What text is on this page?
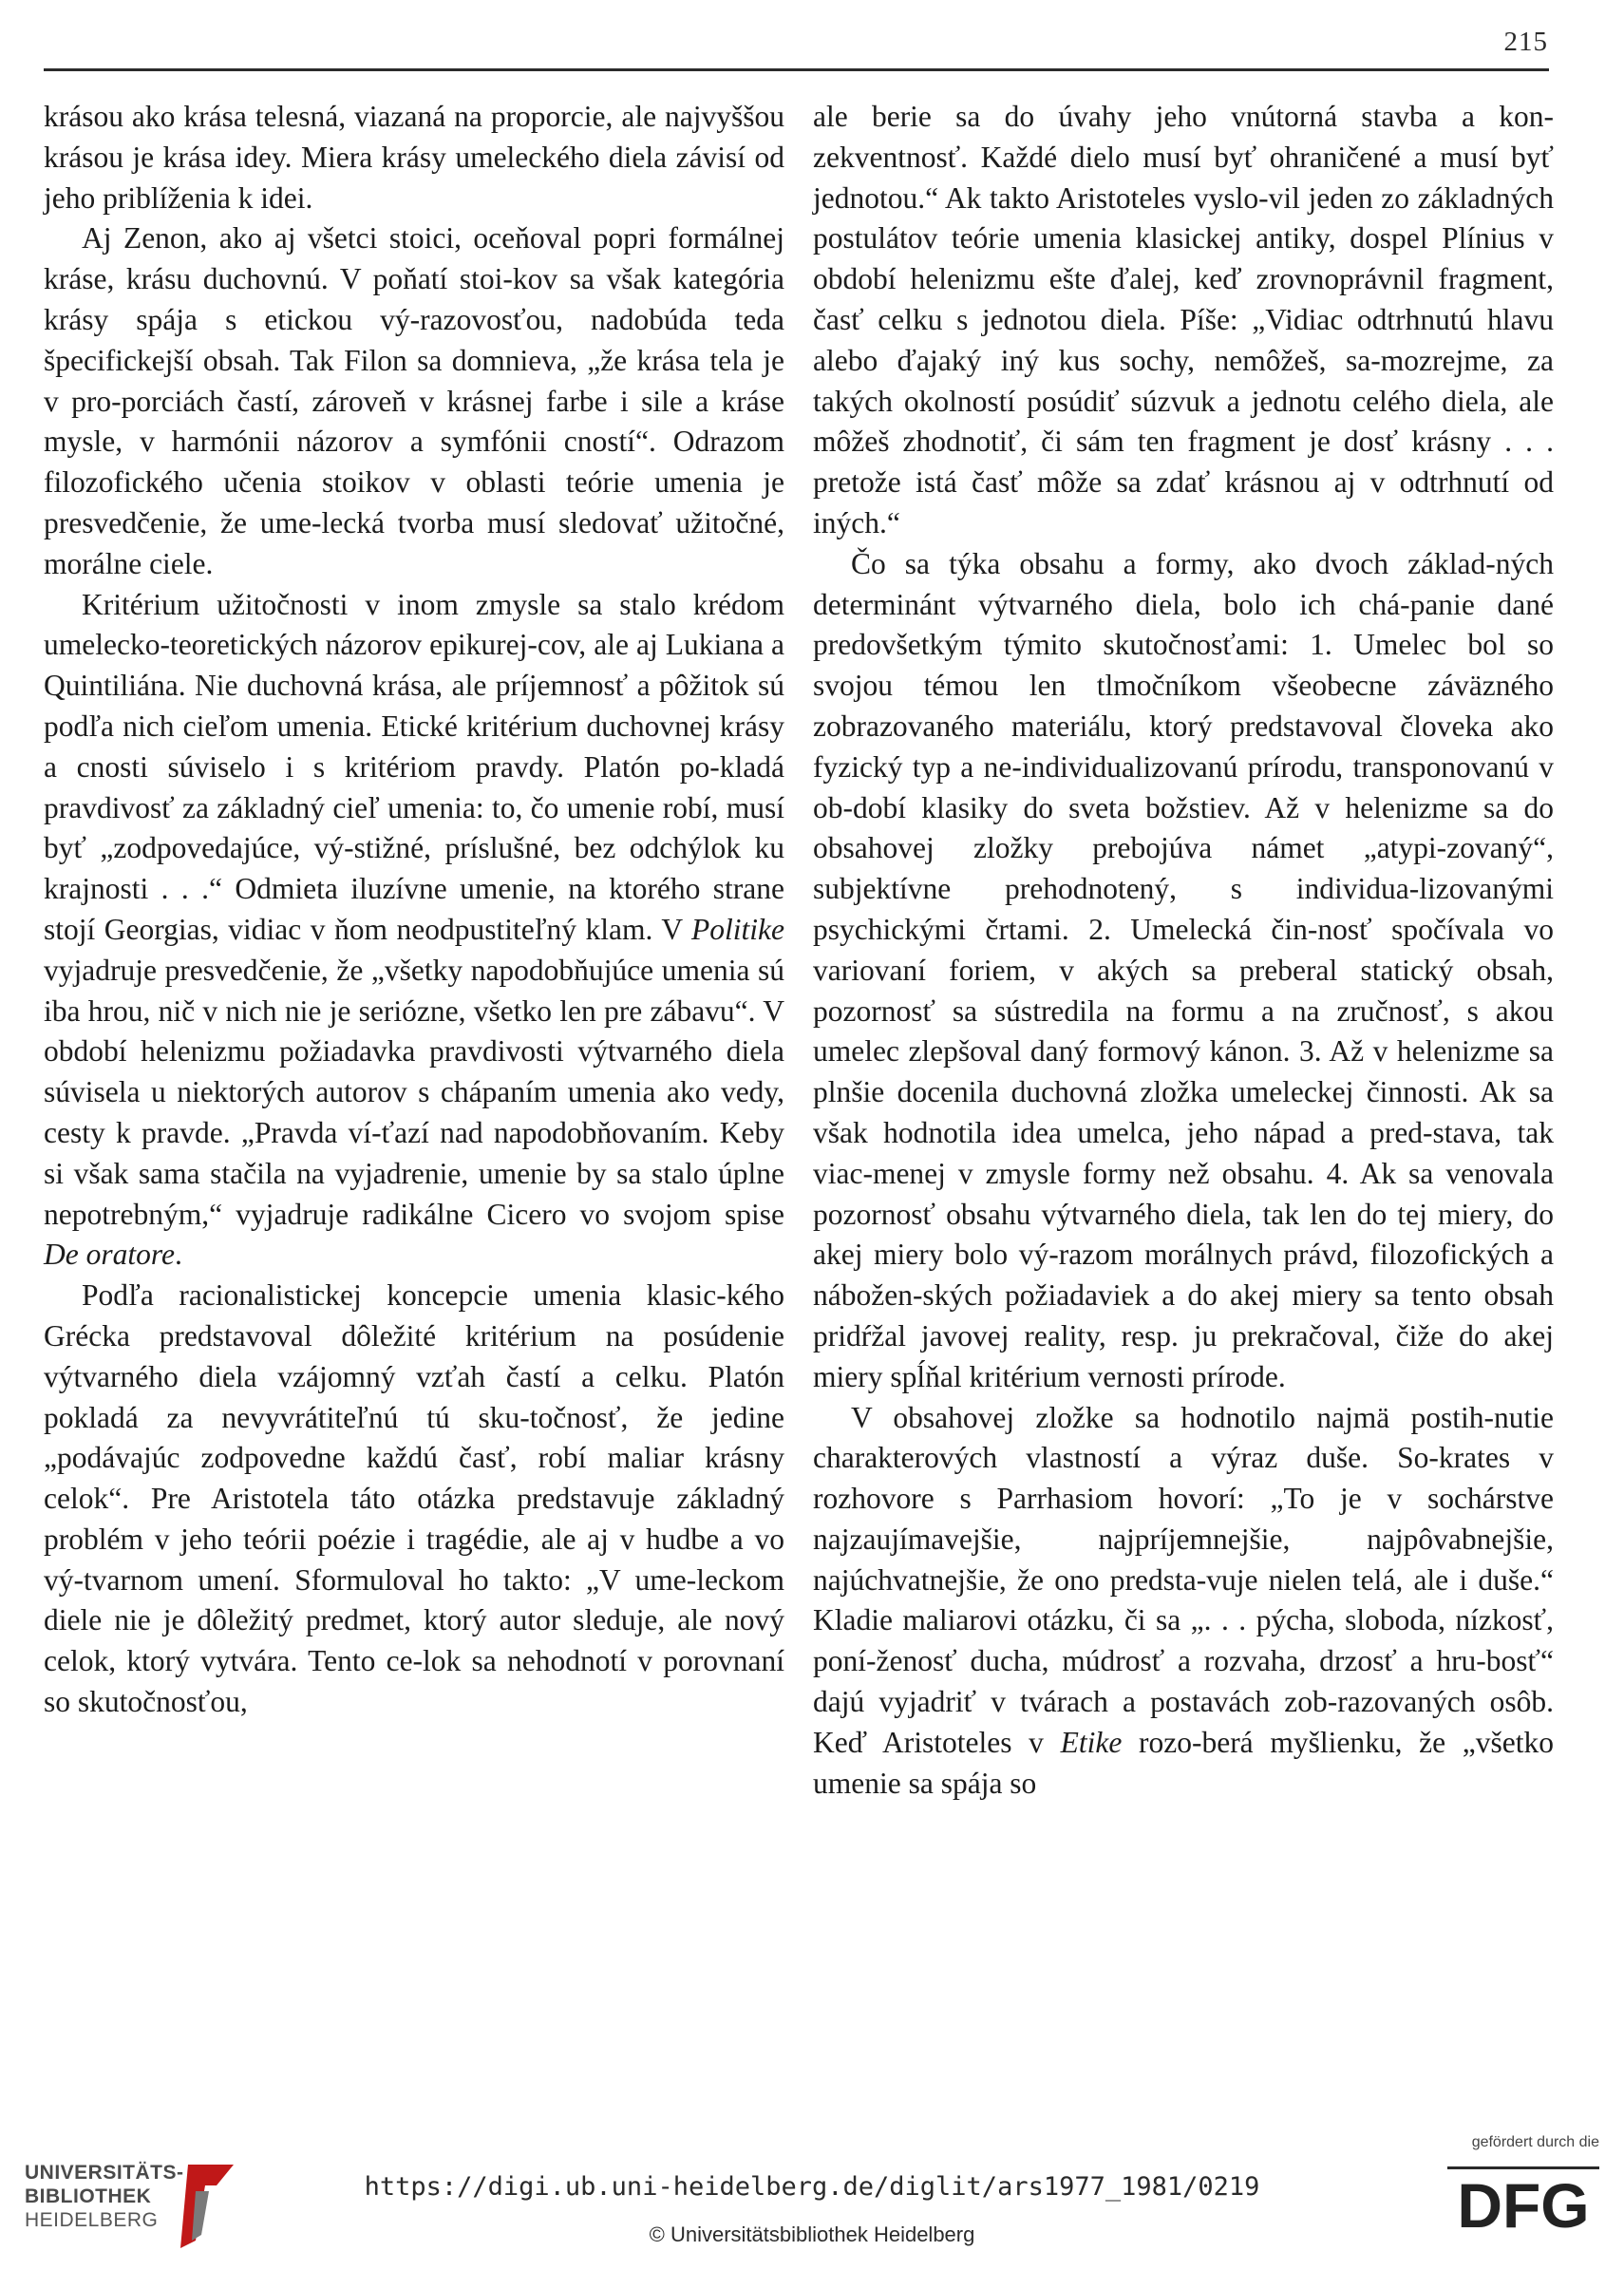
215

krásou ako krása telesná, viazaná na proporcie, ale najvyššou krásou je krása idey. Miera krásy umeleckého diela závisí od jeho priblíženia k idei.

Aj Zenon, ako aj všetci stoici, oceňoval popri formálnej kráse, krásu duchovnú. V poňatí stoi-kov sa však kategória krásy spája s etickou vý-razovosťou, nadobúda teda špecifickejší obsah. Tak Filon sa domnieva, „že krása tela je v pro-porciách častí, zároveň v krásnej farbe i sile a kráse mysle, v harmónii názorov a symfónii cností“. Odrazom filozofického učenia stoikov v oblasti teórie umenia je presvedčenie, že ume-lecká tvorba musí sledovať užitočné, morálne ciele.

Kritérium užitočnosti v inom zmysle sa stalo krédom umelecko-teoretických názorov epikurej-cov, ale aj Lukiana a Quintiliána. Nie duchovná krása, ale príjemnosť a pôžitok sú podľa nich cieľom umenia. Etické kritérium duchovnej krásy a cnosti súviselo i s kritériom pravdy. Platón po-kladá pravdivosť za základný cieľ umenia: to, čo umenie robí, musí byť „zodpovedajúce, vý-stižné, príslušné, bez odchýlok ku krajnosti . . .“ Odmieta iluzívne umenie, na ktorého strane stojí Georgias, vidiac v ňom neodpustiteľný klam. V Politike vyjadruje presvedčenie, že „všetky napodobňujúce umenia sú iba hrou, nič v nich nie je seriózne, všetko len pre zábavu“. V období helenizmu požiadavka pravdivosti výtvarného diela súvisela u niektorých autorov s chápaním umenia ako vedy, cesty k pravde. „Pravda ví-ťazí nad napodobňovaním. Keby si však sama stačila na vyjadrenie, umenie by sa stalo úplne nepotrebným,“ vyjadruje radikálne Cicero vo svojom spise De oratore.

Podľa racionalistickej koncepcie umenia klasic-kého Grécka predstavoval dôležité kritérium na posúdenie výtvarného diela vzájomný vzťah častí a celku. Platón pokladá za nevyvrátiteľnú tú sku-točnosť, že jedine „podávajúc zodpovedne každú časť, robí maliar krásny celok“. Pre Aristotela táto otázka predstavuje základný problém v jeho teórii poézie i tragédie, ale aj v hudbe a vo vý-tvarnom umení. Sformuloval ho takto: „V ume-leckom diele nie je dôležitý predmet, ktorý autor sleduje, ale nový celok, ktorý vytvára. Tento ce-lok sa nehodnotí v porovnaní so skutočnosťou,

ale berie sa do úvahy jeho vnútorná stavba a kon-zekventnosť. Každé dielo musí byť ohraničené a musí byť jednotou.“ Ak takto Aristoteles vyslo-vil jeden zo základných postulátov teórie umenia klasickej antiky, dospel Plínius v období helenizmu ešte ďalej, keď zrovnoprávnil fragment, časť celku s jednotou diela. Píše: „Vidiac odtrhnutú hlavu alebo ďajaký iný kus sochy, nemôžeš, sa-mozrejme, za takých okolností posúdiť súzvuk a jednotu celého diela, ale môžeš zhodnotiť, či sám ten fragment je dosť krásny . . . pretože istá časť môže sa zdať krásnou aj v odtrhnutí od iných.“

Čo sa týka obsahu a formy, ako dvoch základ-ných determinánt výtvarného diela, bolo ich chá-panie dané predovšetkým týmito skutočnosťami: 1. Umelec bol so svojou témou len tlmočníkom všeobecne záväzného zobrazovaného materiálu, ktorý predstavoval človeka ako fyzický typ a ne-individualizovanú prírodu, transponovanú v ob-dobí klasiky do sveta božstiev. Až v helenizme sa do obsahovej zložky prebojúva námet „atypi-zovaný“, subjektívne prehodnotený, s individua-lizovanými psychickými črtami. 2. Umelecká čin-nosť spočívala vo variovaní foriem, v akých sa preberal statický obsah, pozornosť sa sústredila na formu a na zručnosť, s akou umelec zlepšoval daný formový kánon. 3. Až v helenizme sa plnšie docenila duchovná zložka umeleckej činnosti. Ak sa však hodnotila idea umelca, jeho nápad a pred-stava, tak viac-menej v zmysle formy než obsahu. 4. Ak sa venovala pozornosť obsahu výtvarného diela, tak len do tej miery, do akej miery bolo vý-razom morálnych právd, filozofických a nábožen-ských požiadaviek a do akej miery sa tento obsah pridŕžal javovej reality, resp. ju prekračoval, čiže do akej miery spĺňal kritérium vernosti prírode.

V obsahovej zložke sa hodnotilo najmä postih-nutie charakterových vlastností a výraz duše. So-krates v rozhovore s Parrhasiom hovorí: „To je v sochárstve najzaujímavejšie, najpríjemnejšie, najpôvabnejšie, najúchvatnejšie, že ono predsta-vuje nielen telá, ale i duše.“ Kladie maliarovi otázku, či sa „. . . pýcha, sloboda, nízkosť, poní-ženosť ducha, múdrosť a rozvaha, drzosť a hru-bosť“ dajú vyjadriť v tvárach a postavách zob-razovaných osôb. Keď Aristoteles v Etike rozo-berá myšlienku, že „všetko umenie sa spája so

UNIVERSITÄTS-
BIBLIOTHEK
HEIDELBERG
https://digi.ub.uni-heidelberg.de/diglit/ars1977_1981/0219
© Universitätsbibliothek Heidelberg
gefördert durch die
DFG
